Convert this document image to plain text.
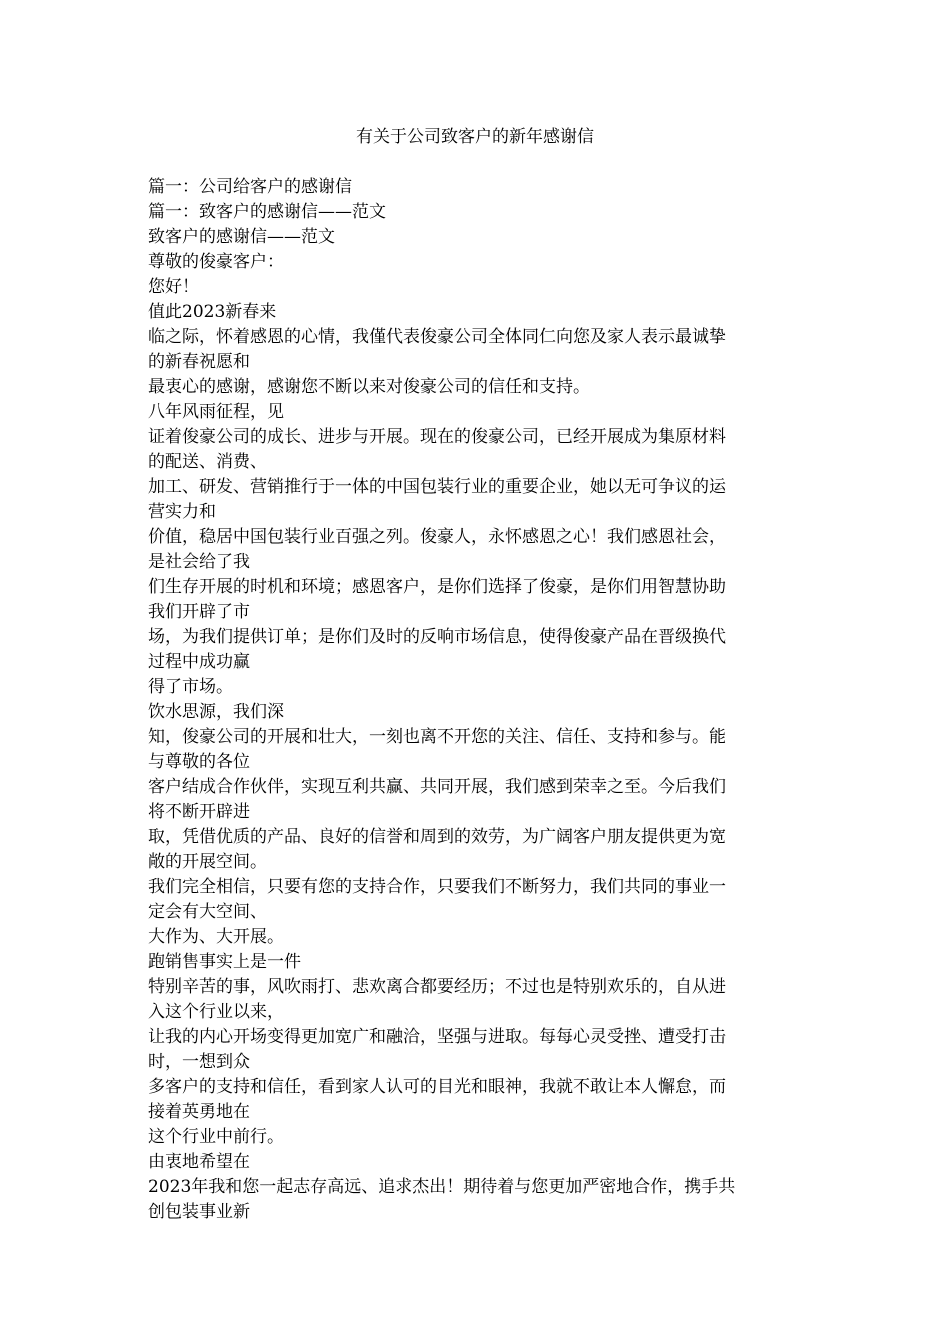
有关于公司致客户的新年感谢信
篇一：公司给客户的感谢信
篇一：致客户的感谢信——范文
致客户的感谢信——范文
尊敬的俊豪客户：
您好！
值此2023新春来
临之际，怀着感恩的心情，我僅代表俊豪公司全体同仁向您及家人表示最诚挚
的新春祝愿和
最衷心的感谢，感谢您不断以来对俊豪公司的信任和支持。
八年风雨征程，见
证着俊豪公司的成长、进步与开展。现在的俊豪公司，已经开展成为集原材料
的配送、消费、
加工、研发、营销推行于一体的中国包装行业的重要企业，她以无可争议的运
营实力和
价值，稳居中国包装行业百强之列。俊豪人，永怀感恩之心！我们感恩社会，
是社会给了我
们生存开展的时机和环境；感恩客户，是你们选择了俊豪，是你们用智慧协助
我们开辟了市
场，为我们提供订单；是你们及时的反响市场信息，使得俊豪产品在晋级换代
过程中成功赢
得了市场。
饮水思源，我们深
知，俊豪公司的开展和壮大，一刻也离不开您的关注、信任、支持和参与。能
与尊敬的各位
客户结成合作伙伴，实现互利共赢、共同开展，我们感到荣幸之至。今后我们
将不断开辟进
取，凭借优质的产品、良好的信誉和周到的效劳，为广阔客户朋友提供更为宽
敞的开展空间。
我们完全相信，只要有您的支持合作，只要我们不断努力，我们共同的事业一
定会有大空间、
大作为、大开展。
跑销售事实上是一件
特别辛苦的事，风吹雨打、悲欢离合都要经历；不过也是特别欢乐的，自从进
入这个行业以来，
让我的内心开场变得更加宽广和融洽，坚强与进取。每每心灵受挫、遭受打击
时，一想到众
多客户的支持和信任，看到家人认可的目光和眼神，我就不敢让本人懈怠，而
接着英勇地在
这个行业中前行。
由衷地希望在
2023年我和您一起志存高远、追求杰出！期待着与您更加严密地合作，携手共
创包装事业新
